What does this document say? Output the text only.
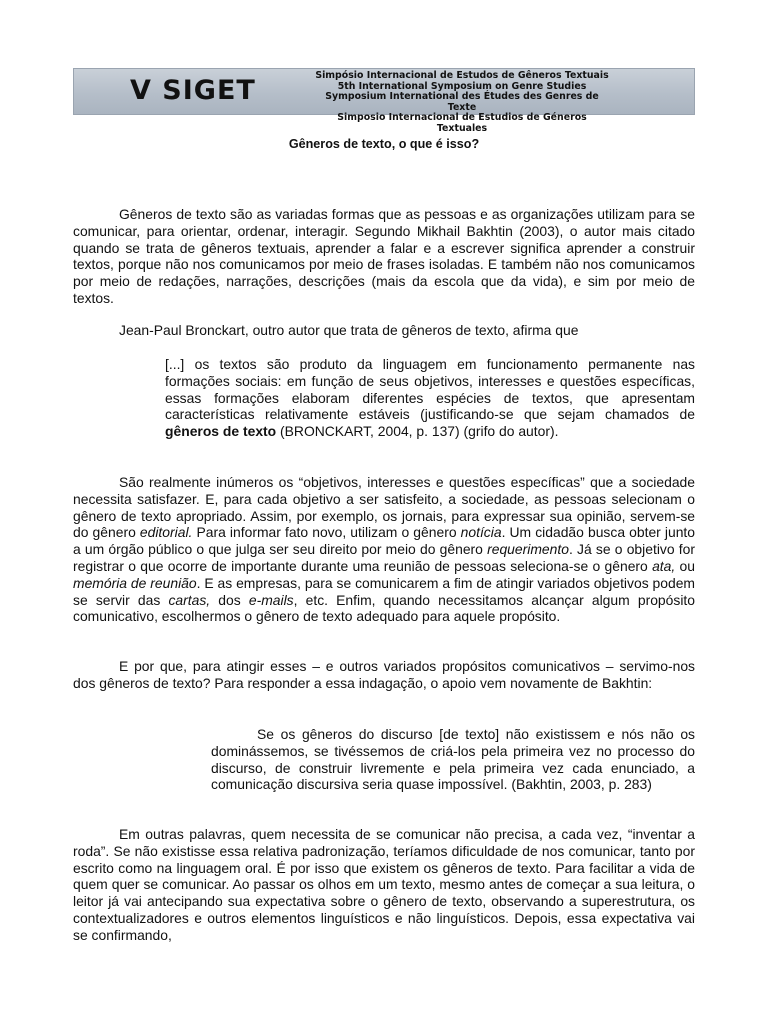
V SIGET	Simpósio Internacional de Estudos de Gêneros Textuais
5th International Symposium on Genre Studies
Symposium International des Études des Genres de Texte
Simposio Internacional de Estudios de Géneros Textuales
Gêneros de texto, o que é isso?
Gêneros de texto são as variadas formas que as pessoas e as organizações utilizam para se comunicar, para orientar, ordenar, interagir. Segundo Mikhail Bakhtin (2003), o autor mais citado quando se trata de gêneros textuais, aprender a falar e a escrever significa aprender a construir textos, porque não nos comunicamos por meio de frases isoladas. E também não nos comunicamos por meio de redações, narrações, descrições (mais da escola que da vida), e sim por meio de textos.
Jean-Paul Bronckart, outro autor que trata de gêneros de texto, afirma que
[...] os textos são produto da linguagem em funcionamento permanente nas formações sociais: em função de seus objetivos, interesses e questões específicas, essas formações elaboram diferentes espécies de textos, que apresentam características relativamente estáveis (justificando-se que sejam chamados de gêneros de texto (BRONCKART, 2004, p. 137) (grifo do autor).
São realmente inúmeros os “objetivos, interesses e questões específicas” que a sociedade necessita satisfazer. E, para cada objetivo a ser satisfeito, a sociedade, as pessoas selecionam o gênero de texto apropriado. Assim, por exemplo, os jornais, para expressar sua opinião, servem-se do gênero editorial. Para informar fato novo, utilizam o gênero notícia. Um cidadão busca obter junto a um órgão público o que julga ser seu direito por meio do gênero requerimento. Já se o objetivo for registrar o que ocorre de importante durante uma reunião de pessoas seleciona-se o gênero ata, ou memória de reunião. E as empresas, para se comunicarem a fim de atingir variados objetivos podem se servir das cartas, dos e-mails, etc. Enfim, quando necessitamos alcançar algum propósito comunicativo, escolhermos o gênero de texto adequado para aquele propósito.
E por que, para atingir esses – e outros variados propósitos comunicativos – servimo-nos dos gêneros de texto? Para responder a essa indagação, o apoio vem novamente de Bakhtin:
Se os gêneros do discurso [de texto] não existissem e nós não os dominássemos, se tivéssemos de criá-los pela primeira vez no processo do discurso, de construir livremente e pela primeira vez cada enunciado, a comunicação discursiva seria quase impossível. (Bakhtin, 2003, p. 283)
Em outras palavras, quem necessita de se comunicar não precisa, a cada vez, “inventar a roda”. Se não existisse essa relativa padronização, teríamos dificuldade de nos comunicar, tanto por escrito como na linguagem oral. É por isso que existem os gêneros de texto. Para facilitar a vida de quem quer se comunicar. Ao passar os olhos em um texto, mesmo antes de começar a sua leitura, o leitor já vai antecipando sua expectativa sobre o gênero de texto, observando a superestrutura, os contextualizadores e outros elementos linguísticos e não linguísticos. Depois, essa expectativa vai se confirmando,
